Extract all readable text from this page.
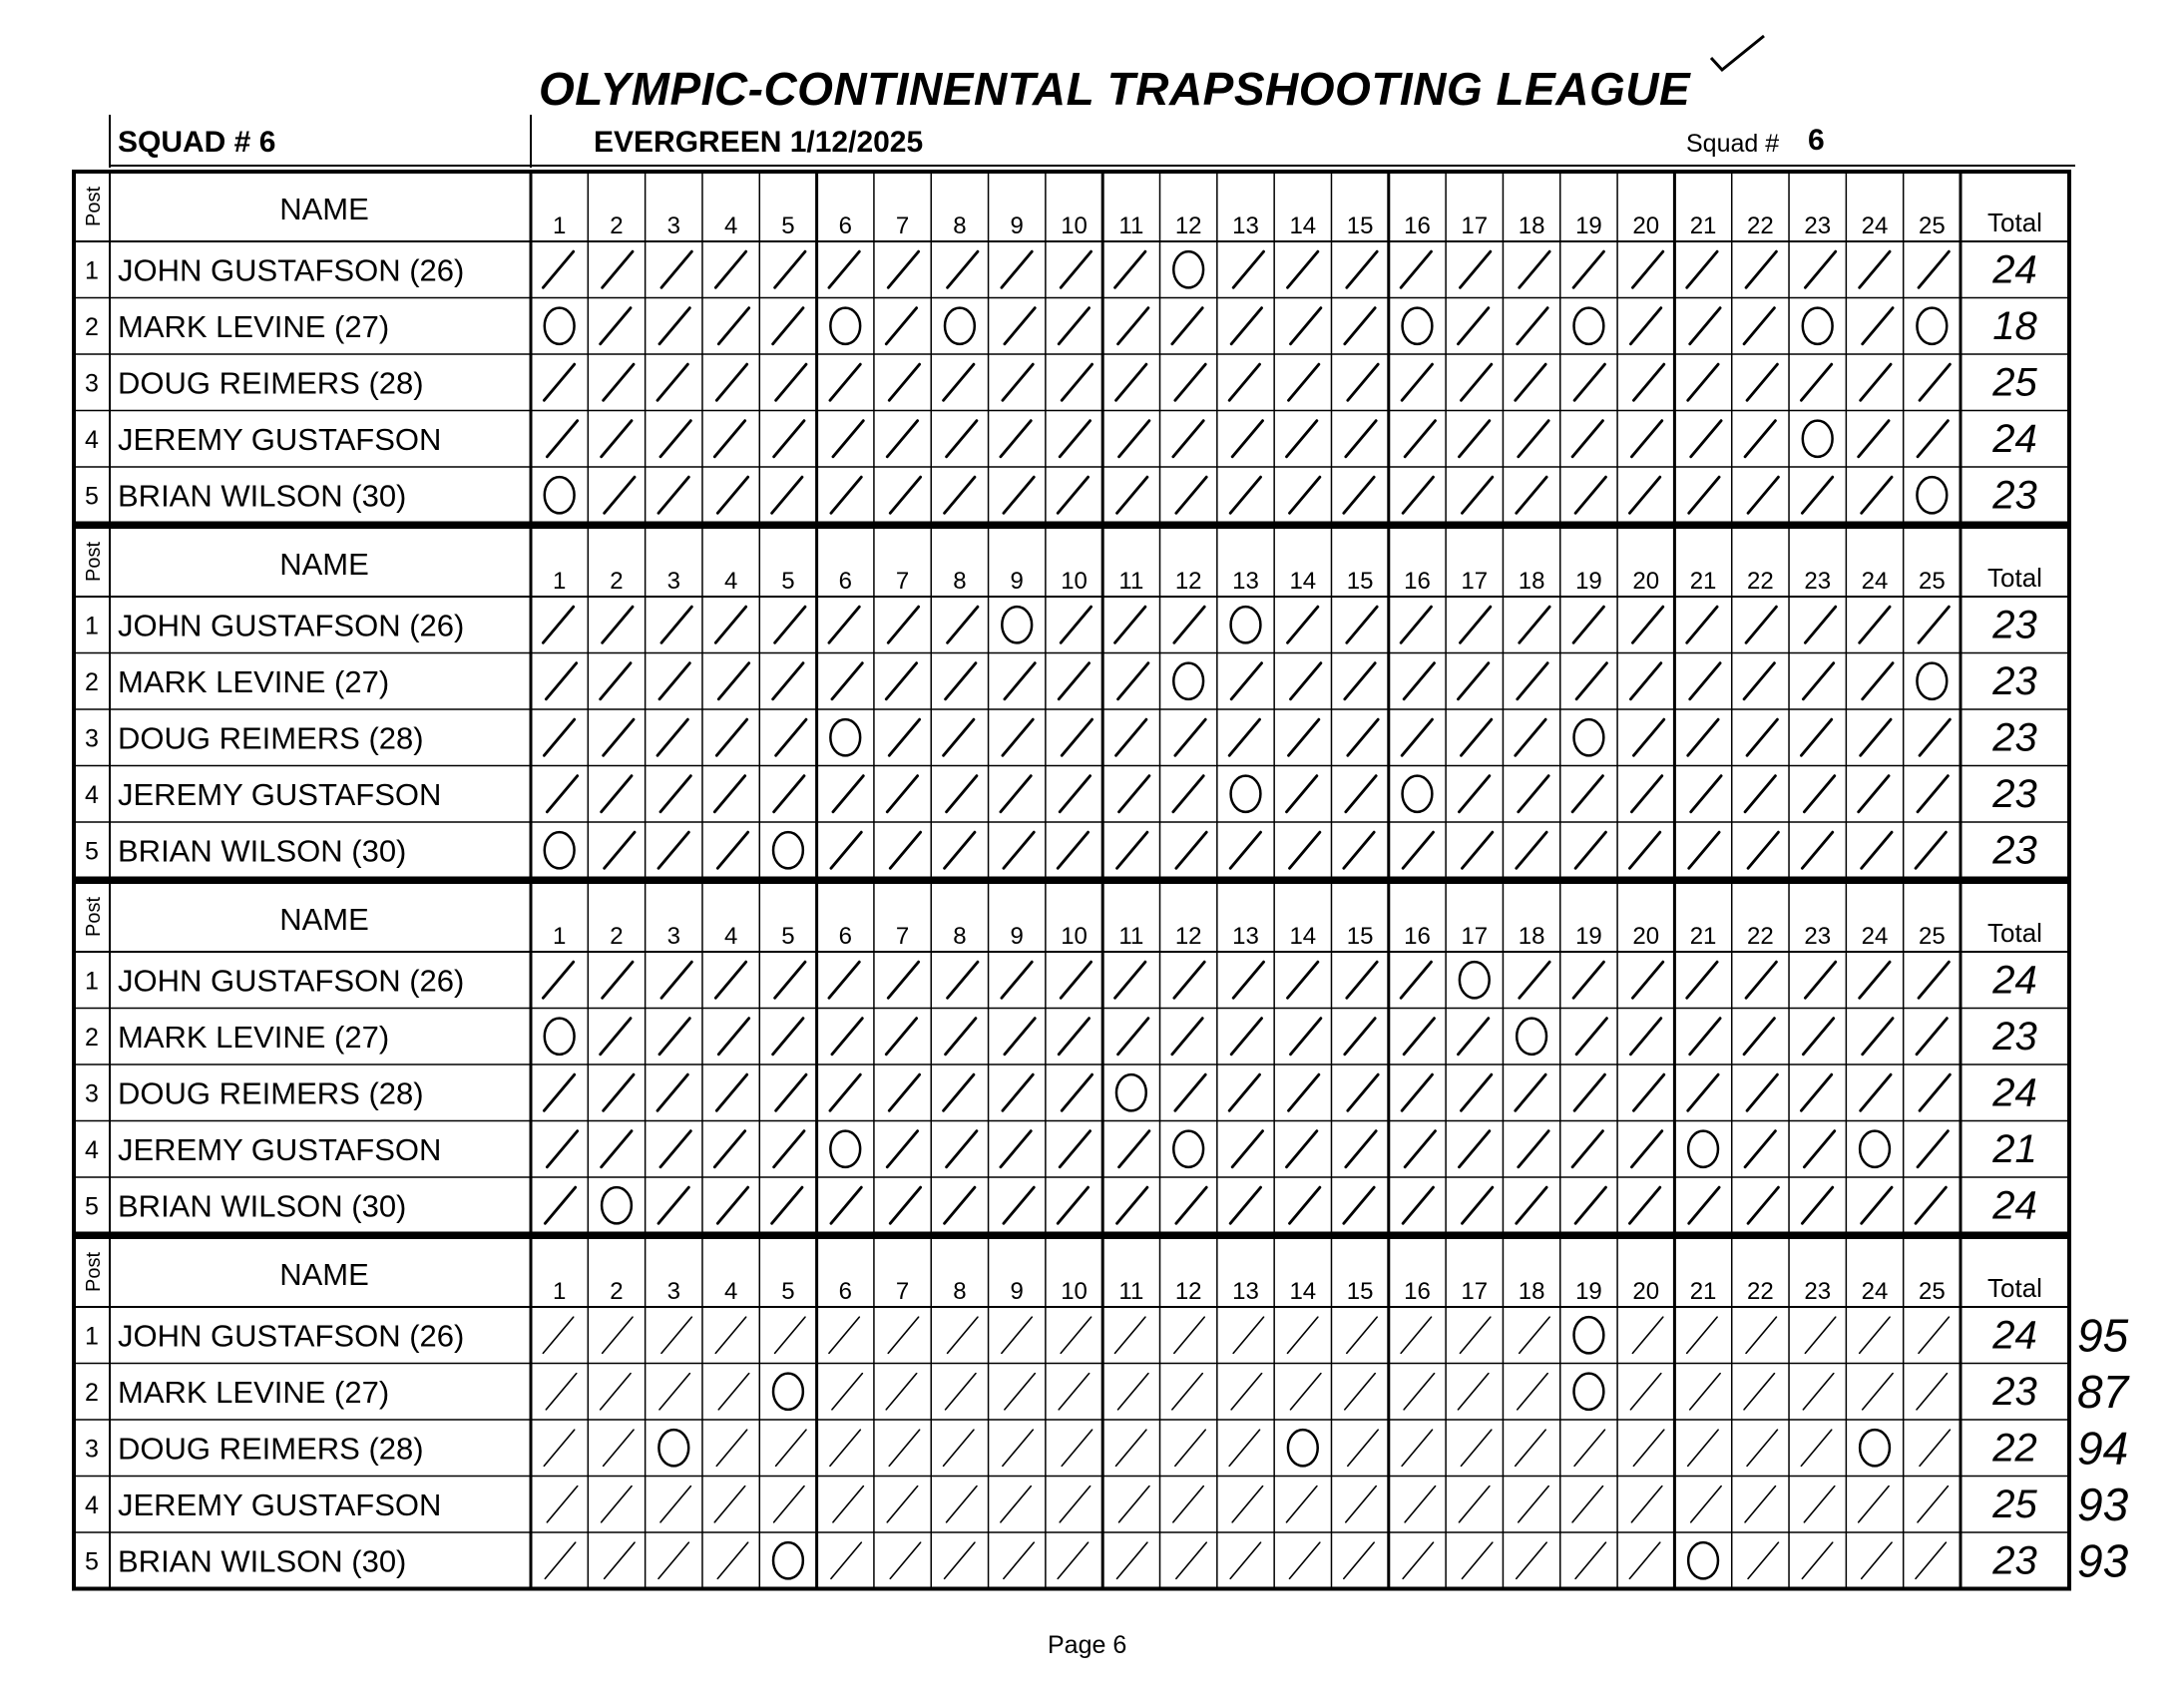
OLYMPIC-CONTINENTAL TRAPSHOOTING LEAGUE
SQUAD # 6	EVERGREEN 1/12/2025	Squad # 6
Post	NAME	1 2 3 4 5 6 7 8 9 10 11 12 13 14 15 16 17 18 19 20 21 22 23 24 25 Total
1 JOHN GUSTAFSON (26)	24
2 MARK LEVINE (27)	18
3 DOUG REIMERS (28)	25
4 JEREMY GUSTAFSON	24
5 BRIAN WILSON (30)	23
Post	NAME	1 2 3 4 5 6 7 8 9 10 11 12 13 14 15 16 17 18 19 20 21 22 23 24 25 Total
1 JOHN GUSTAFSON (26)	23
2 MARK LEVINE (27)	23
3 DOUG REIMERS (28)	23
4 JEREMY GUSTAFSON	23
5 BRIAN WILSON (30)	23
Post	NAME	1 2 3 4 5 6 7 8 9 10 11 12 13 14 15 16 17 18 19 20 21 22 23 24 25 Total
1 JOHN GUSTAFSON (26)	24
2 MARK LEVINE (27)	23
3 DOUG REIMERS (28)	24
4 JEREMY GUSTAFSON	21
5 BRIAN WILSON (30)	24
Post	NAME	1 2 3 4 5 6 7 8 9 10 11 12 13 14 15 16 17 18 19 20 21 22 23 24 25 Total
1 JOHN GUSTAFSON (26)	24 95
2 MARK LEVINE (27)	23 87
3 DOUG REIMERS (28)	22 94
4 JEREMY GUSTAFSON	25 93
5 BRIAN WILSON (30)	23 93
Page 6
